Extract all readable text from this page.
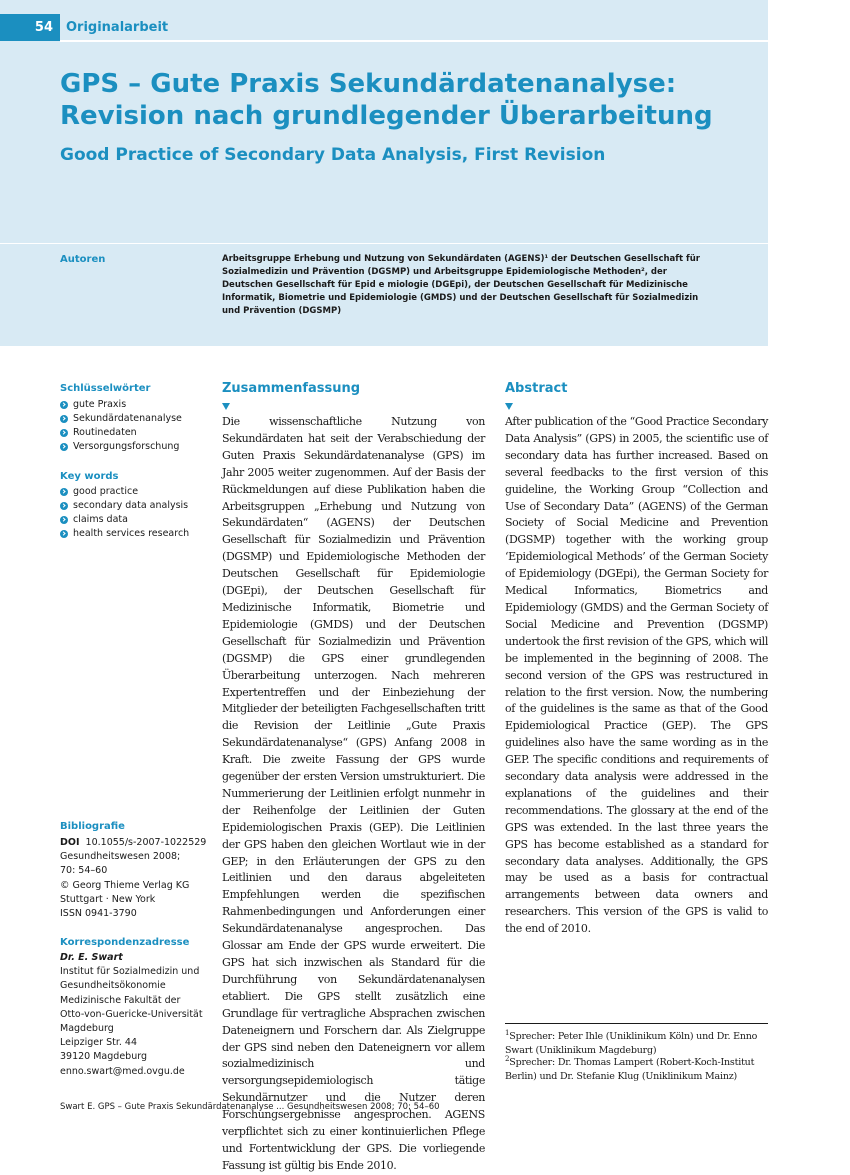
54	Originalarbeit
GPS – Gute Praxis Sekundärdatenanalyse: Revision nach grundlegender Überarbeitung
Good Practice of Secondary Data Analysis, First Revision
Autoren	Arbeitsgruppe Erhebung und Nutzung von Sekundärdaten (AGENS)¹ der Deutschen Gesellschaft für Sozialmedizin und Prävention (DGSMP) und Arbeitsgruppe Epidemiologische Methoden², der Deutschen Gesellschaft für Epid e miologie (DGEpi), der Deutschen Gesellschaft für Medizinische Informatik, Biometrie und Epidemiologie (GMDS) und der Deutschen Gesellschaft für Sozialmedizin und Prävention (DGSMP)
Schlüsselwörter
gute Praxis
Sekundärdatenanalyse
Routinedaten
Versorgungsforschung
Key words
good practice
secondary data analysis
claims data
health services research
Bibliografie
DOI 10.1055/s-2007-1022529
Gesundheitswesen 2008;
70: 54–60
© Georg Thieme Verlag KG
Stuttgart · New York
ISSN 0941-3790
Korrespondenzadresse
Dr. E. Swart
Institut für Sozialmedizin und
Gesundheitsökonomie
Medizinische Fakultät der
Otto-von-Guericke-Universität
Magdeburg
Leipziger Str. 44
39120 Magdeburg
enno.swart@med.ovgu.de
Zusammenfassung

Die wissenschaftliche Nutzung von Sekundärdaten hat seit der Verabschiedung der Guten Praxis Sekundärdatenanalyse (GPS) im Jahr 2005 weiter zugenommen. Auf der Basis der Rückmeldungen auf diese Publikation haben die Arbeitsgruppen „Erhebung und Nutzung von Sekundärdaten“ (AGENS) der Deutschen Gesellschaft für Sozialmedizin und Prävention (DGSMP) und Epidemiologische Methoden der Deutschen Gesellschaft für Epidemiologie (DGEpi), der Deutschen Gesellschaft für Medizinische Informatik, Biometrie und Epidemiologie (GMDS) und der Deutschen Gesellschaft für Sozialmedizin und Prävention (DGSMP) die GPS einer grundlegenden Überarbeitung unterzogen. Nach mehreren Expertentreffen und der Einbeziehung der Mitglieder der beteiligten Fachgesellschaften tritt die Revision der Leitlinie „Gute Praxis Sekundärdatenanalyse“ (GPS) Anfang 2008 in Kraft. Die zweite Fassung der GPS wurde gegenüber der ersten Version umstrukturiert. Die Nummerierung der Leitlinien erfolgt nunmehr in der Reihenfolge der Leitlinien der Guten Epidemiologischen Praxis (GEP). Die Leitlinien der GPS haben den gleichen Wortlaut wie in der GEP; in den Erläuterungen der GPS zu den Leitlinien und den daraus abgeleiteten Empfehlungen werden die spezifischen Rahmenbedingungen und Anforderungen einer Sekundärdatenanalyse angesprochen. Das Glossar am Ende der GPS wurde erweitert. Die GPS hat sich inzwischen als Standard für die Durchführung von Sekundärdatenanalysen etabliert. Die GPS stellt zusätzlich eine Grundlage für vertragliche Absprachen zwischen Dateneignern und Forschern dar. Als Zielgruppe der GPS sind neben den Dateneignern vor allem sozialmedizinisch und versorgungsepidemiologisch tätige Sekundärnutzer und die Nutzer deren Forschungsergebnisse angesprochen. AGENS verpflichtet sich zu einer kontinuierlichen Pflege und Fortentwicklung der GPS. Die vorliegende Fassung ist gültig bis Ende 2010.

Abstract

After publication of the “Good Practice Secondary Data Analysis” (GPS) in 2005, the scientific use of secondary data has further increased. Based on several feedbacks to the first version of this guideline, the Working Group “Collection and Use of Secondary Data” (AGENS) of the German Society of Social Medicine and Prevention (DGSMP) together with the working group ‘Epidemiological Methods’ of the German Society of Epidemiology (DGEpi), the German Society for Medical Informatics, Biometrics and Epidemiology (GMDS) and the German Society of Social Medicine and Prevention (DGSMP) undertook the first revision of the GPS, which will be implemented in the beginning of 2008. The second version of the GPS was restructured in relation to the first version. Now, the numbering of the guidelines is the same as that of the Good Epidemiological Practice (GEP). The GPS guidelines also have the same wording as in the GEP. The specific conditions and requirements of secondary data analysis were addressed in the explanations of the guidelines and their recommendations. The glossary at the end of the GPS was extended. In the last three years the GPS has become established as a standard for secondary data analyses. Additionally, the GPS may be used as a basis for contractual arrangements between data owners and researchers. This version of the GPS is valid to the end of 2010.

$^1$Sprecher: Peter Ihle (Uniklinikum Köln) und Dr. Enno Swart (Uniklinikum Magdeburg)
$^2$Sprecher: Dr. Thomas Lampert (Robert-Koch-Institut Berlin) und Dr. Stefanie Klug (Uniklinikum Mainz)
Swart E. GPS – Gute Praxis Sekundärdatenanalyse ... Gesundheitswesen 2008; 70: 54–60
